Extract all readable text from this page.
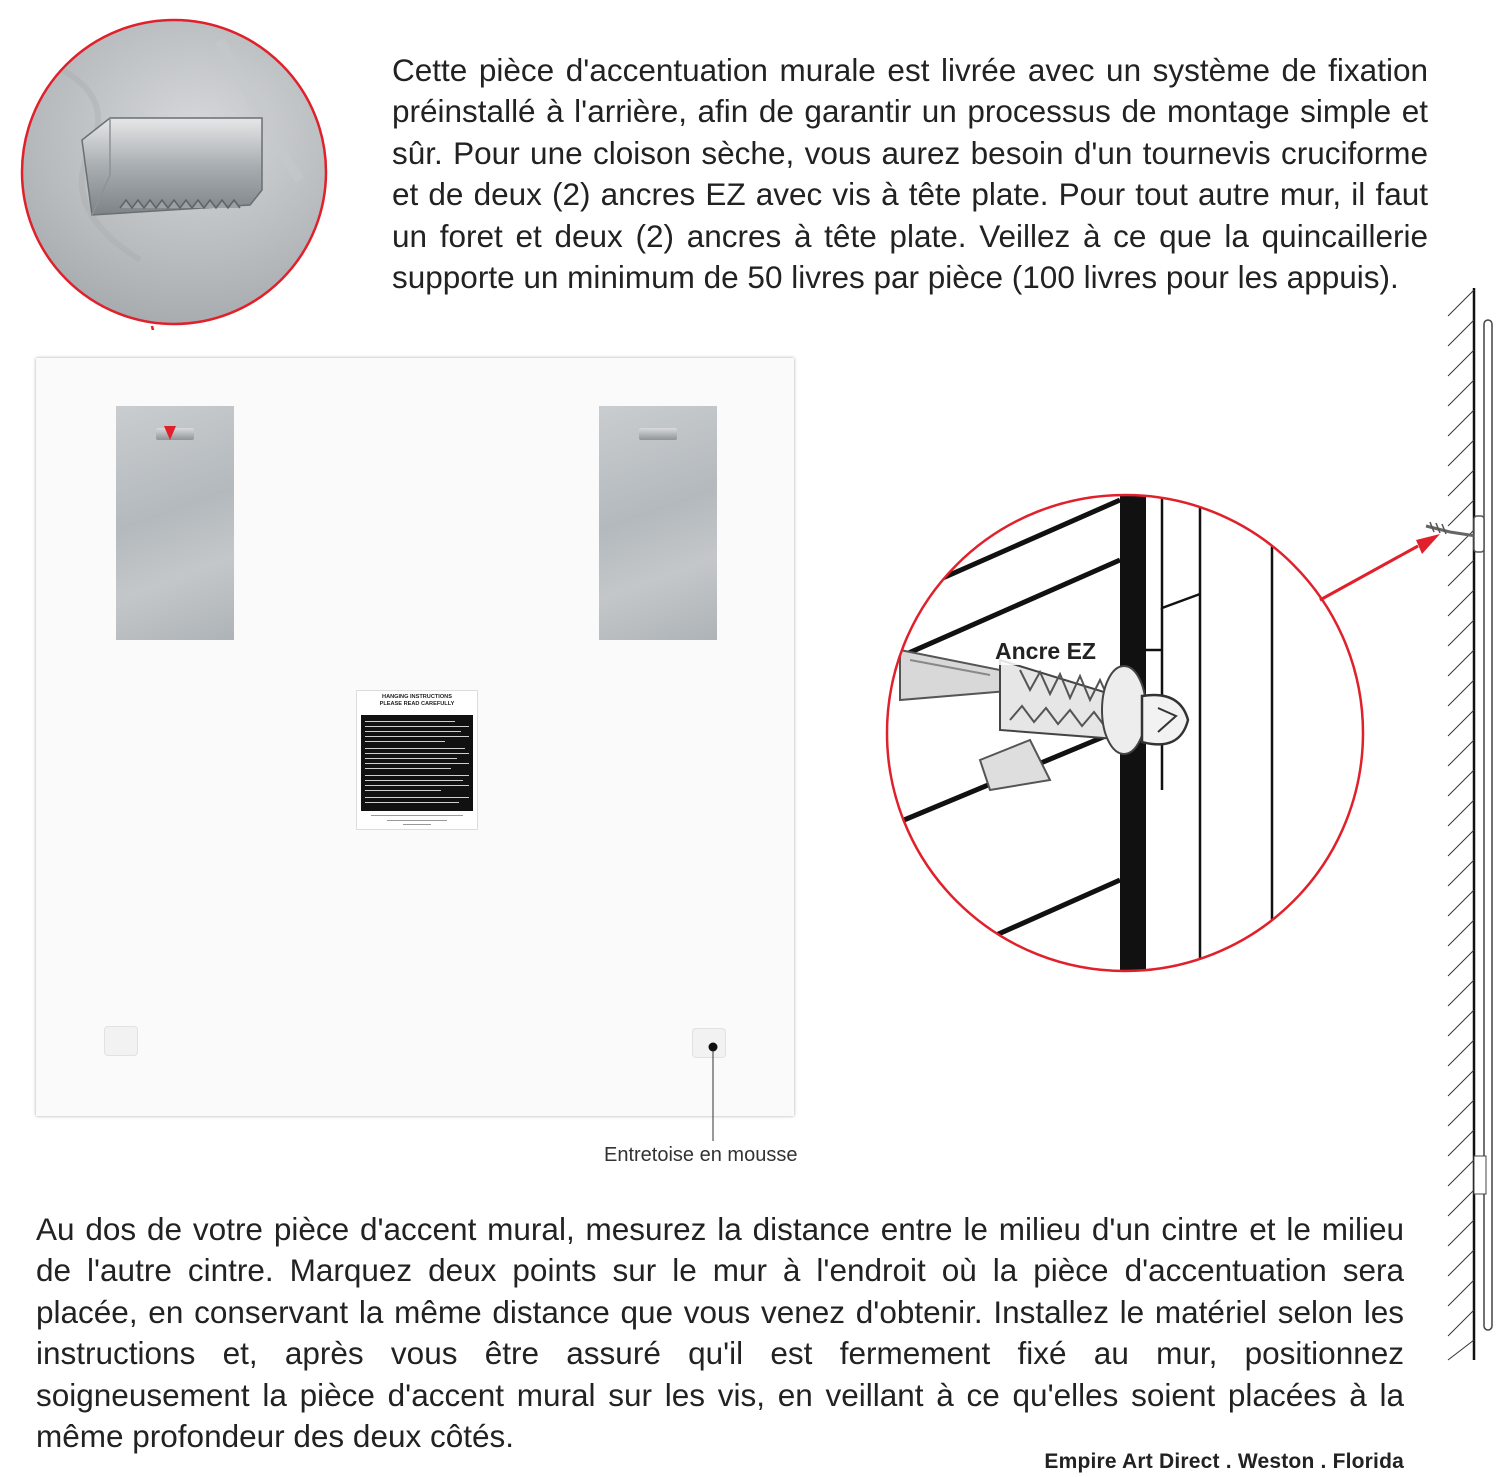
Cette pièce d'accentuation murale est livrée avec un système de fixation préinstallé à l'arrière, afin de garantir un processus de montage simple et sûr. Pour une cloison sèche, vous aurez besoin d'un tournevis cruciforme et de deux (2) ancres EZ avec vis à tête plate. Pour tout autre mur, il faut un foret et deux (2) ancres à tête plate. Veillez à ce que la quincaillerie supporte un minimum de 50 livres par pièce (100 livres pour les appuis).

HANGING INSTRUCTIONS
PLEASE READ CAREFULLY
Entretoise en mousse
Ancre EZ

Au dos de votre pièce d'accent mural, mesurez la distance entre le milieu d'un cintre et le milieu de l'autre cintre. Marquez deux points sur le mur à l'endroit où la pièce d'accentuation sera placée, en conservant la même distance que vous venez d'obtenir. Installez le matériel selon les instructions et, après vous être assuré qu'il est fermement fixé au mur, positionnez soigneusement la pièce d'accent mural sur les vis, en veillant à ce qu'elles soient placées à la même profondeur des deux côtés.

Empire Art Direct . Weston . Florida
